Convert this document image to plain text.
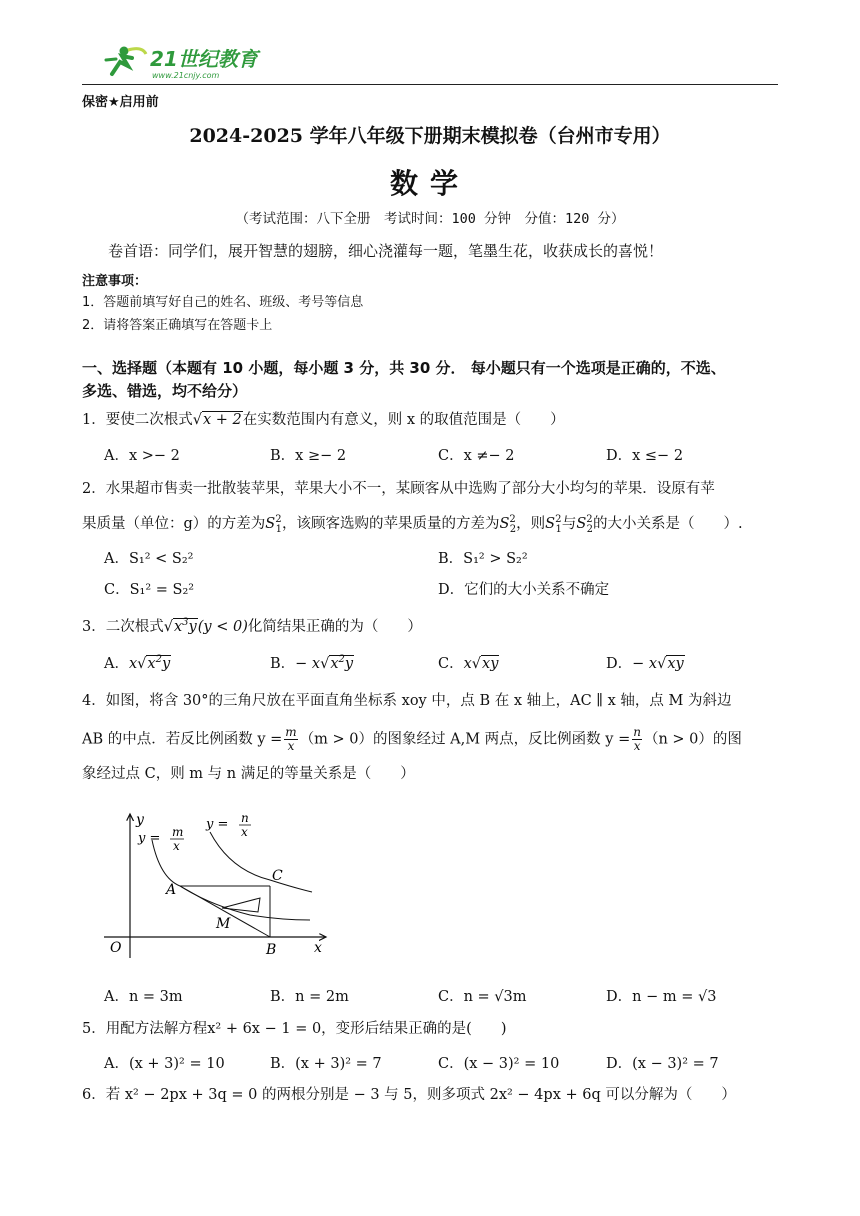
21世纪教育
www.21cnjy.com
保密★启用前
2024-2025 学年八年级下册期末模拟卷（台州市专用）
数学
（考试范围：八下全册　考试时间：100 分钟　分值：120 分）
卷首语：同学们，展开智慧的翅膀，细心浇灌每一题，笔墨生花，收获成长的喜悦！
注意事项：
1．答题前填写好自己的姓名、班级、考号等信息
2．请将答案正确填写在答题卡上
一、选择题（本题有 10 小题，每小题 3 分，共 30 分． 每小题只有一个选项是正确的，不选、
多选、错选，均不给分）
1．要使二次根式√x + 2在实数范围内有意义，则 x 的取值范围是（　　）
A．x >− 2	B．x ≥− 2	C．x ≠− 2	D．x ≤− 2
2．水果超市售卖一批散装苹果，苹果大小不一，某顾客从中选购了部分大小均匀的苹果．设原有苹
果质量（单位：g）的方差为$S^2_1$，该顾客选购的苹果质量的方差为$S^2_2$，则$S^2_1$与$S^2_2$的大小关系是（　　）.
A．S₁² < S₂²	B．S₁² > S₂²
C．S₁² = S₂²	D．它们的大小关系不确定
3．二次根式$√x^3y(y < 0)$化简结果正确的为（　　）
A．$x√x^2y$	B．− $x√x^2y$	C．x√xy	D．− x√xy
4．如图，将含 30°的三角尺放在平面直角坐标系 xoy 中，点 B 在 x 轴上，AC ∥ x 轴，点 M 为斜边
AB 的中点．若反比例函数 $y = \frac{m}{x} (m > 0)$的图象经过 A,M 两点，反比例函数 $y = \frac{n}{x} (n > 0)$的图
象经过点 C，则 m 与 n 满足的等量关系是（　　）
O
y
x
A
B
C
M
y = m
x
y = n
x
A．n = 3m	B．n = 2m	C．n = √3m	D．n − m = √3
5．用配方法解方程x² + 6x − 1 = 0，变形后结果正确的是(　　)
A．(x + 3)² = 10	B．(x + 3)² = 7	C．(x − 3)² = 10	D．(x − 3)² = 7
6．若 x² − 2px + 3q = 0 的两根分别是 − 3 与 5，则多项式 2x² − 4px + 6q 可以分解为（　　）
